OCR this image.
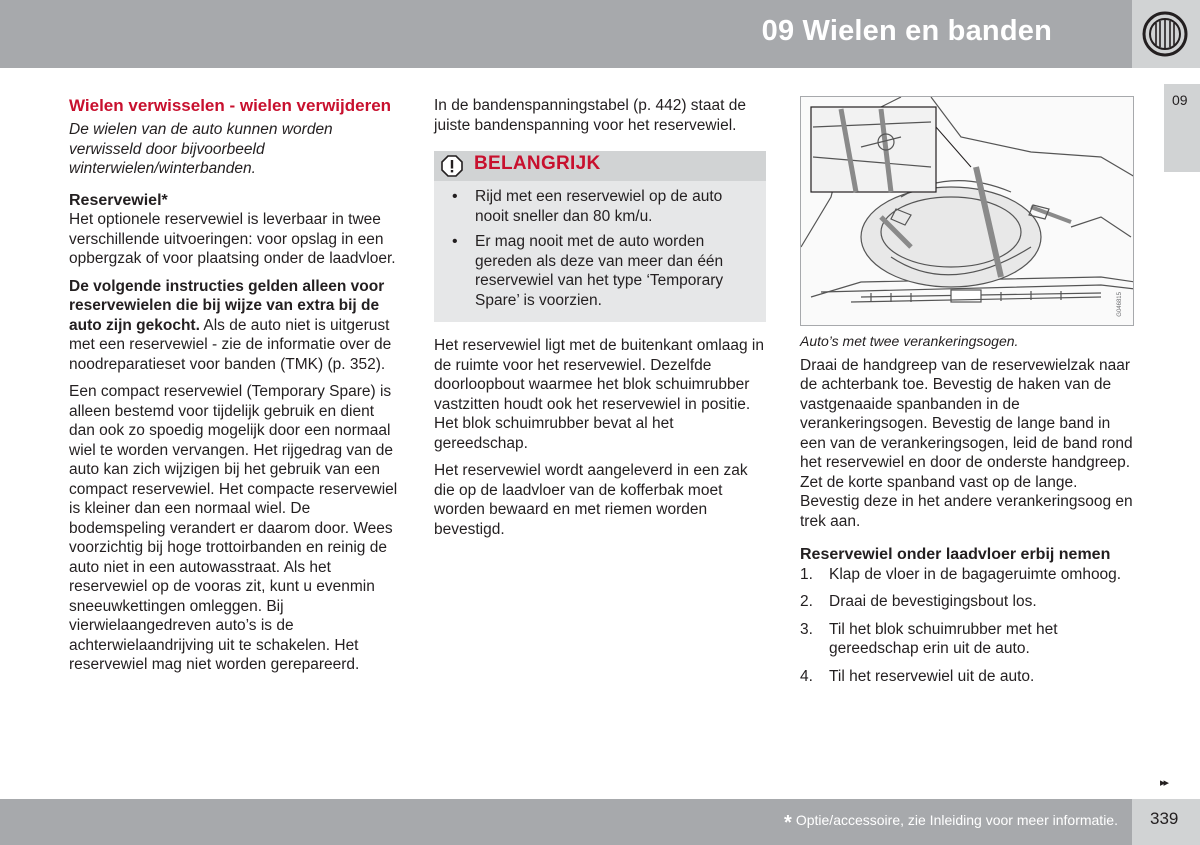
09 Wielen en banden
09
Wielen verwisselen - wielen verwijderen
De wielen van de auto kunnen worden verwisseld door bijvoorbeeld winterwielen/winterbanden.
Reservewiel*
Het optionele reservewiel is leverbaar in twee verschillende uitvoeringen: voor opslag in een opbergzak of voor plaatsing onder de laadvloer.
De volgende instructies gelden alleen voor reservewielen die bij wijze van extra bij de auto zijn gekocht. Als de auto niet is uitgerust met een reservewiel - zie de informatie over de noodreparatieset voor banden (TMK) (p. 352).
Een compact reservewiel (Temporary Spare) is alleen bestemd voor tijdelijk gebruik en dient dan ook zo spoedig mogelijk door een normaal wiel te worden vervangen. Het rijgedrag van de auto kan zich wijzigen bij het gebruik van een compact reservewiel. Het compacte reservewiel is kleiner dan een normaal wiel. De bodemspeling verandert er daarom door. Wees voorzichtig bij hoge trottoirbanden en reinig de auto niet in een autowasstraat. Als het reservewiel op de vooras zit, kunt u evenmin sneeuwkettingen omleggen. Bij vierwielaangedreven auto’s is de achterwielaandrijving uit te schakelen. Het reservewiel mag niet worden gerepareerd.
In de bandenspanningstabel (p. 442) staat de juiste bandenspanning voor het reservewiel.
BELANGRIJK
• Rijd met een reservewiel op de auto nooit sneller dan 80 km/u.
• Er mag nooit met de auto worden gereden als deze van meer dan één reservewiel van het type ‘Temporary Spare’ is voorzien.
Het reservewiel ligt met de buitenkant omlaag in de ruimte voor het reservewiel. Dezelfde doorloopbout waarmee het blok schuimrubber vastzitten houdt ook het reservewiel in positie. Het blok schuimrubber bevat al het gereedschap.
Het reservewiel wordt aangeleverd in een zak die op de laadvloer van de kofferbak moet worden bewaard en met riemen worden bevestigd.
G046815
Auto’s met twee verankeringsogen.
Draai de handgreep van de reservewielzak naar de achterbank toe. Bevestig de haken van de vastgenaaide spanbanden in de verankeringsogen. Bevestig de lange band in een van de verankeringsogen, leid de band rond het reservewiel en door de onderste handgreep. Zet de korte spanband vast op de lange. Bevestig deze in het andere verankeringsoog en trek aan.
Reservewiel onder laadvloer erbij nemen
1. Klap de vloer in de bagageruimte omhoog.
2. Draai de bevestigingsbout los.
3. Til het blok schuimrubber met het gereedschap erin uit de auto.
4. Til het reservewiel uit de auto.
▸▸
* Optie/accessoire, zie Inleiding voor meer informatie. 339
